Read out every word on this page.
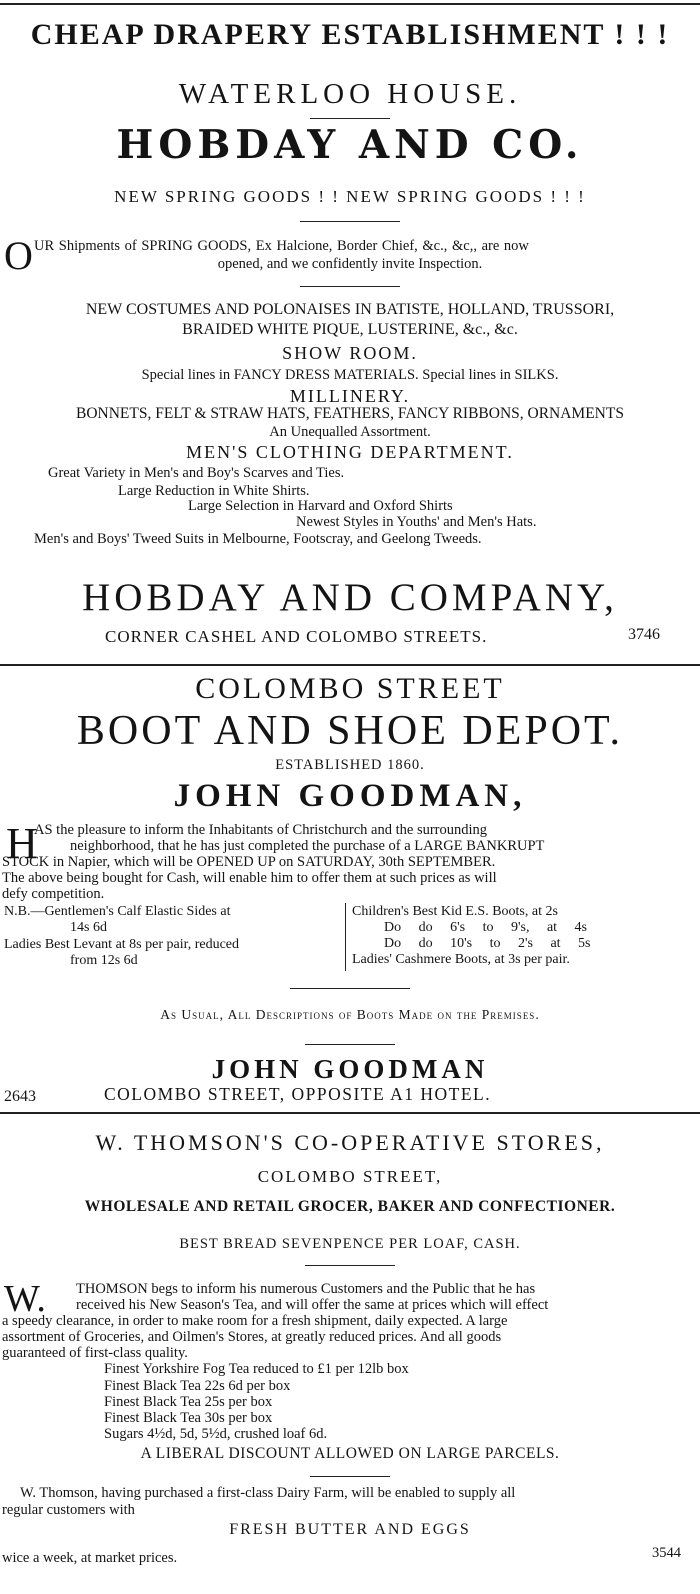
CHEAP DRAPERY ESTABLISHMENT ! ! !
WATERLOO HOUSE.
HOBDAY AND CO.
NEW SPRING GOODS ! ! NEW SPRING GOODS ! ! !
O UR Shipments of SPRING GOODS, Ex Halcione, Border Chief, &c., &c,, are now
opened, and we confidently invite Inspection.
NEW COSTUMES AND POLONAISES IN BATISTE, HOLLAND, TRUSSORI,
BRAIDED WHITE PIQUE, LUSTERINE, &c., &c.
SHOW ROOM.
Special lines in FANCY DRESS MATERIALS. Special lines in SILKS.
MILLINERY.
BONNETS, FELT & STRAW HATS, FEATHERS, FANCY RIBBONS, ORNAMENTS
An Unequalled Assortment.
MEN'S CLOTHING DEPARTMENT.
Great Variety in Men's and Boy's Scarves and Ties.
Large Reduction in White Shirts.
Large Selection in Harvard and Oxford Shirts
Newest Styles in Youths' and Men's Hats.
Men's and Boys' Tweed Suits in Melbourne, Footscray, and Geelong Tweeds.
HOBDAY AND COMPANY,
CORNER CASHEL AND COLOMBO STREETS.	3746
COLOMBO STREET
BOOT AND SHOE DEPOT.
ESTABLISHED 1860.
JOHN GOODMAN,
H
AS the pleasure to inform the Inhabitants of Christchurch and the surrounding
neighborhood, that he has just completed the purchase of a LARGE BANKRUPT
STOCK in Napier, which will be OPENED UP on SATURDAY, 30th SEPTEMBER.
The above being bought for Cash, will enable him to offer them at such prices as will
defy competition.
N.B.—Gentlemen's Calf Elastic Sides at
14s 6d
Ladies Best Levant at 8s per pair, reduced
from 12s 6d
Children's Best Kid E.S. Boots, at 2s
Do do 6's to 9's, at 4s
Do do 10's to 2's at 5s
Ladies' Cashmere Boots, at 3s per pair.
As Usual, All Descriptions of Boots Made on the Premises.
JOHN GOODMAN
2643	COLOMBO STREET, OPPOSITE A1 HOTEL.
W. THOMSON'S CO-OPERATIVE STORES,
COLOMBO STREET,
WHOLESALE AND RETAIL GROCER, BAKER AND CONFECTIONER.
BEST BREAD SEVENPENCE PER LOAF, CASH.
W. THOMSON begs to inform his numerous Customers and the Public that he has
received his New Season's Tea, and will offer the same at prices which will effect
a speedy clearance, in order to make room for a fresh shipment, daily expected. A large
assortment of Groceries, and Oilmen's Stores, at greatly reduced prices. And all goods
guaranteed of first-class quality.
Finest Yorkshire Fog Tea reduced to £1 per 12lb box
Finest Black Tea 22s 6d per box
Finest Black Tea 25s per box
Finest Black Tea 30s per box
Sugars 4½d, 5d, 5½d, crushed loaf 6d.
A LIBERAL DISCOUNT ALLOWED ON LARGE PARCELS.
W. Thomson, having purchased a first-class Dairy Farm, will be enabled to supply all
regular customers with
FRESH BUTTER AND EGGS
wice a week, at market prices.	3544
